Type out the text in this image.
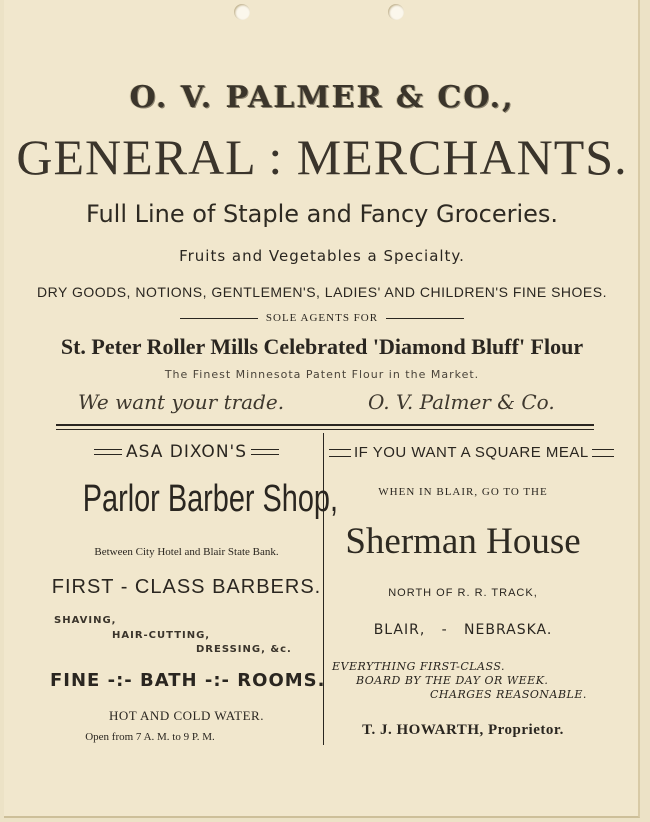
O. V. PALMER & CO.,
GENERAL : MERCHANTS.
Full Line of Staple and Fancy Groceries.
Fruits and Vegetables a Specialty.
DRY GOODS, NOTIONS, GENTLEMEN'S, LADIES' AND CHILDREN'S FINE SHOES.
SOLE AGENTS FOR
St. Peter Roller Mills Celebrated 'Diamond Bluff' Flour
The Finest Minnesota Patent Flour in the Market.
We want your trade.	O. V. Palmer & Co.
ASA DIXON'S
Parlor Barber Shop,
Between City Hotel and Blair State Bank.
FIRST - CLASS BARBERS.
SHAVING,
HAIR-CUTTING,
DRESSING, &c.
FINE -:- BATH -:- ROOMS.
HOT AND COLD WATER.
Open from 7 A. M. to 9 P. M.
IF YOU WANT A SQUARE MEAL
WHEN IN BLAIR, GO TO THE
Sherman House
NORTH OF R. R. TRACK,
BLAIR,   -   NEBRASKA.
EVERYTHING FIRST-CLASS.
BOARD BY THE DAY OR WEEK.
CHARGES REASONABLE.
T. J. HOWARTH, Proprietor.
